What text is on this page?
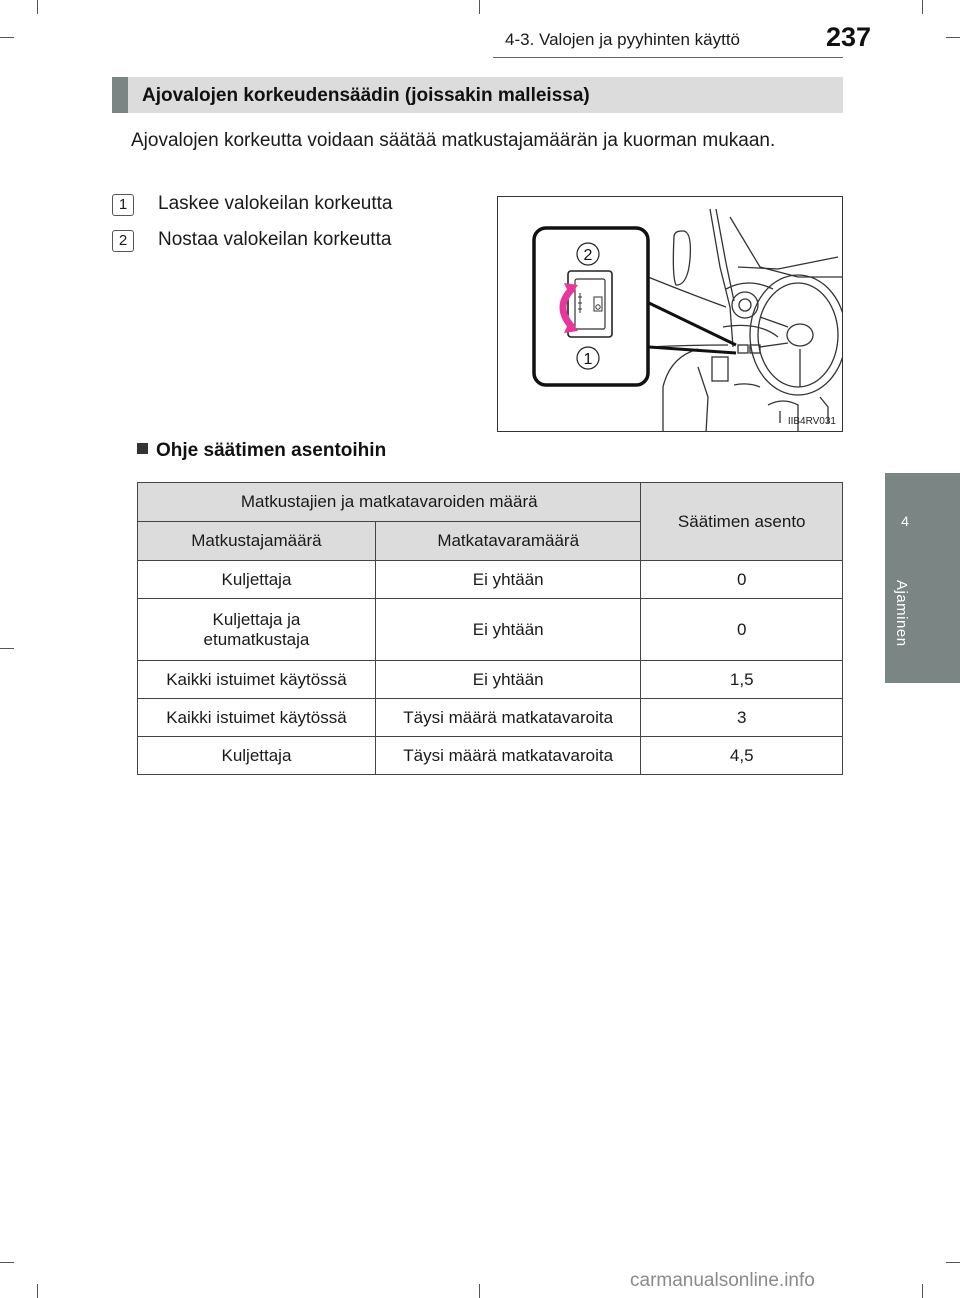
4-3. Valojen ja pyyhinten käyttö	237
4
Ajaminen
Ajovalojen korkeudensäädin (joissakin malleissa)
Ajovalojen korkeutta voidaan säätää matkustajamäärän ja kuorman mukaan.
1	Laskee valokeilan korkeutta
2	Nostaa valokeilan korkeutta
2
1
IIB4RV031
Ohje säätimen asentoihin
Matkustajien ja matkatavaroiden määrä		Säätimen asento
Matkustajamäärä	Matkatavaramäärä	
Kuljettaja	Ei yhtään	0
Kuljettaja ja etumatkustaja	Ei yhtään	0
Kaikki istuimet käytössä	Ei yhtään	1,5
Kaikki istuimet käytössä	Täysi määrä matkatavaroita	3
Kuljettaja	Täysi määrä matkatavaroita	4,5
carmanualsonline.info
